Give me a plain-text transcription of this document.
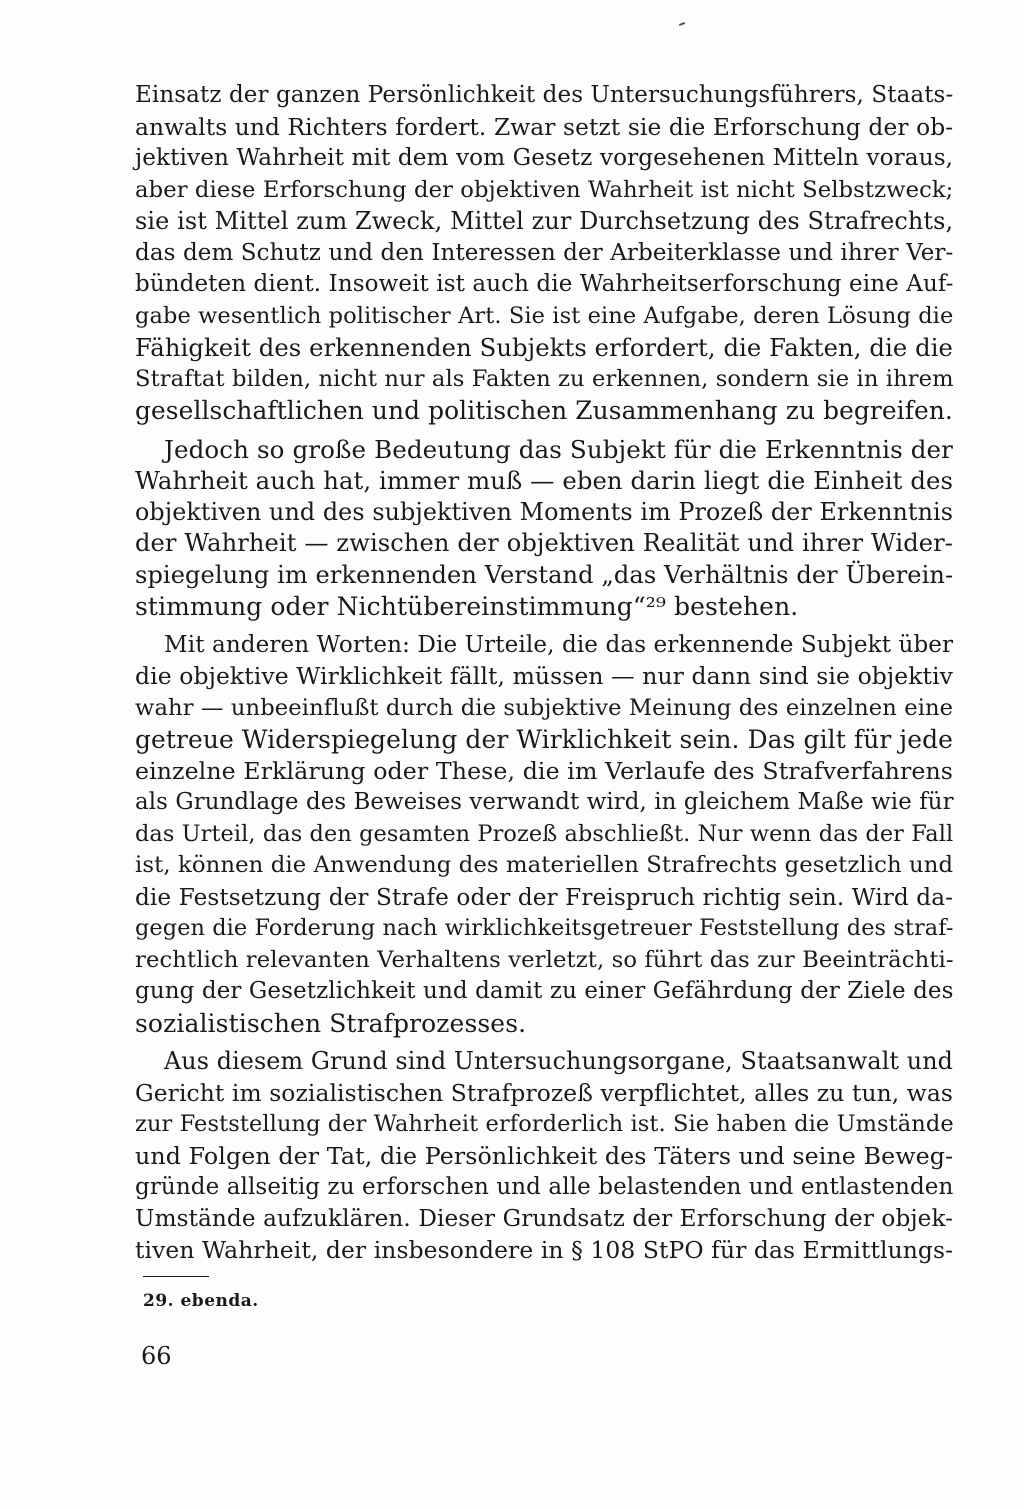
Einsatz der ganzen Persönlichkeit des Untersuchungsführers, Staats-
anwalts und Richters fordert. Zwar setzt sie die Erforschung der ob-
jektiven Wahrheit mit dem vom Gesetz vorgesehenen Mitteln voraus,
aber diese Erforschung der objektiven Wahrheit ist nicht Selbstzweck;
sie ist Mittel zum Zweck, Mittel zur Durchsetzung des Strafrechts,
das dem Schutz und den Interessen der Arbeiterklasse und ihrer Ver-
bündeten dient. Insoweit ist auch die Wahrheitserforschung eine Auf-
gabe wesentlich politischer Art. Sie ist eine Aufgabe, deren Lösung die
Fähigkeit des erkennenden Subjekts erfordert, die Fakten, die die
Straftat bilden, nicht nur als Fakten zu erkennen, sondern sie in ihrem
gesellschaftlichen und politischen Zusammenhang zu begreifen.
Jedoch so große Bedeutung das Subjekt für die Erkenntnis der
Wahrheit auch hat, immer muß — eben darin liegt die Einheit des
objektiven und des subjektiven Moments im Prozeß der Erkenntnis
der Wahrheit — zwischen der objektiven Realität und ihrer Wider-
spiegelung im erkennenden Verstand „das Verhältnis der Überein-
stimmung oder Nichtübereinstimmung“²⁹ bestehen.
Mit anderen Worten: Die Urteile, die das erkennende Subjekt über
die objektive Wirklichkeit fällt, müssen — nur dann sind sie objektiv
wahr — unbeeinflußt durch die subjektive Meinung des einzelnen eine
getreue Widerspiegelung der Wirklichkeit sein. Das gilt für jede
einzelne Erklärung oder These, die im Verlaufe des Strafverfahrens
als Grundlage des Beweises verwandt wird, in gleichem Maße wie für
das Urteil, das den gesamten Prozeß abschließt. Nur wenn das der Fall
ist, können die Anwendung des materiellen Strafrechts gesetzlich und
die Festsetzung der Strafe oder der Freispruch richtig sein. Wird da-
gegen die Forderung nach wirklichkeitsgetreuer Feststellung des straf-
rechtlich relevanten Verhaltens verletzt, so führt das zur Beeinträchti-
gung der Gesetzlichkeit und damit zu einer Gefährdung der Ziele des
sozialistischen Strafprozesses.
Aus diesem Grund sind Untersuchungsorgane, Staatsanwalt und
Gericht im sozialistischen Strafprozeß verpflichtet, alles zu tun, was
zur Feststellung der Wahrheit erforderlich ist. Sie haben die Umstände
und Folgen der Tat, die Persönlichkeit des Täters und seine Beweg-
gründe allseitig zu erforschen und alle belastenden und entlastenden
Umstände aufzuklären. Dieser Grundsatz der Erforschung der objek-
tiven Wahrheit, der insbesondere in § 108 StPO für das Ermittlungs-
29. ebenda.
66
